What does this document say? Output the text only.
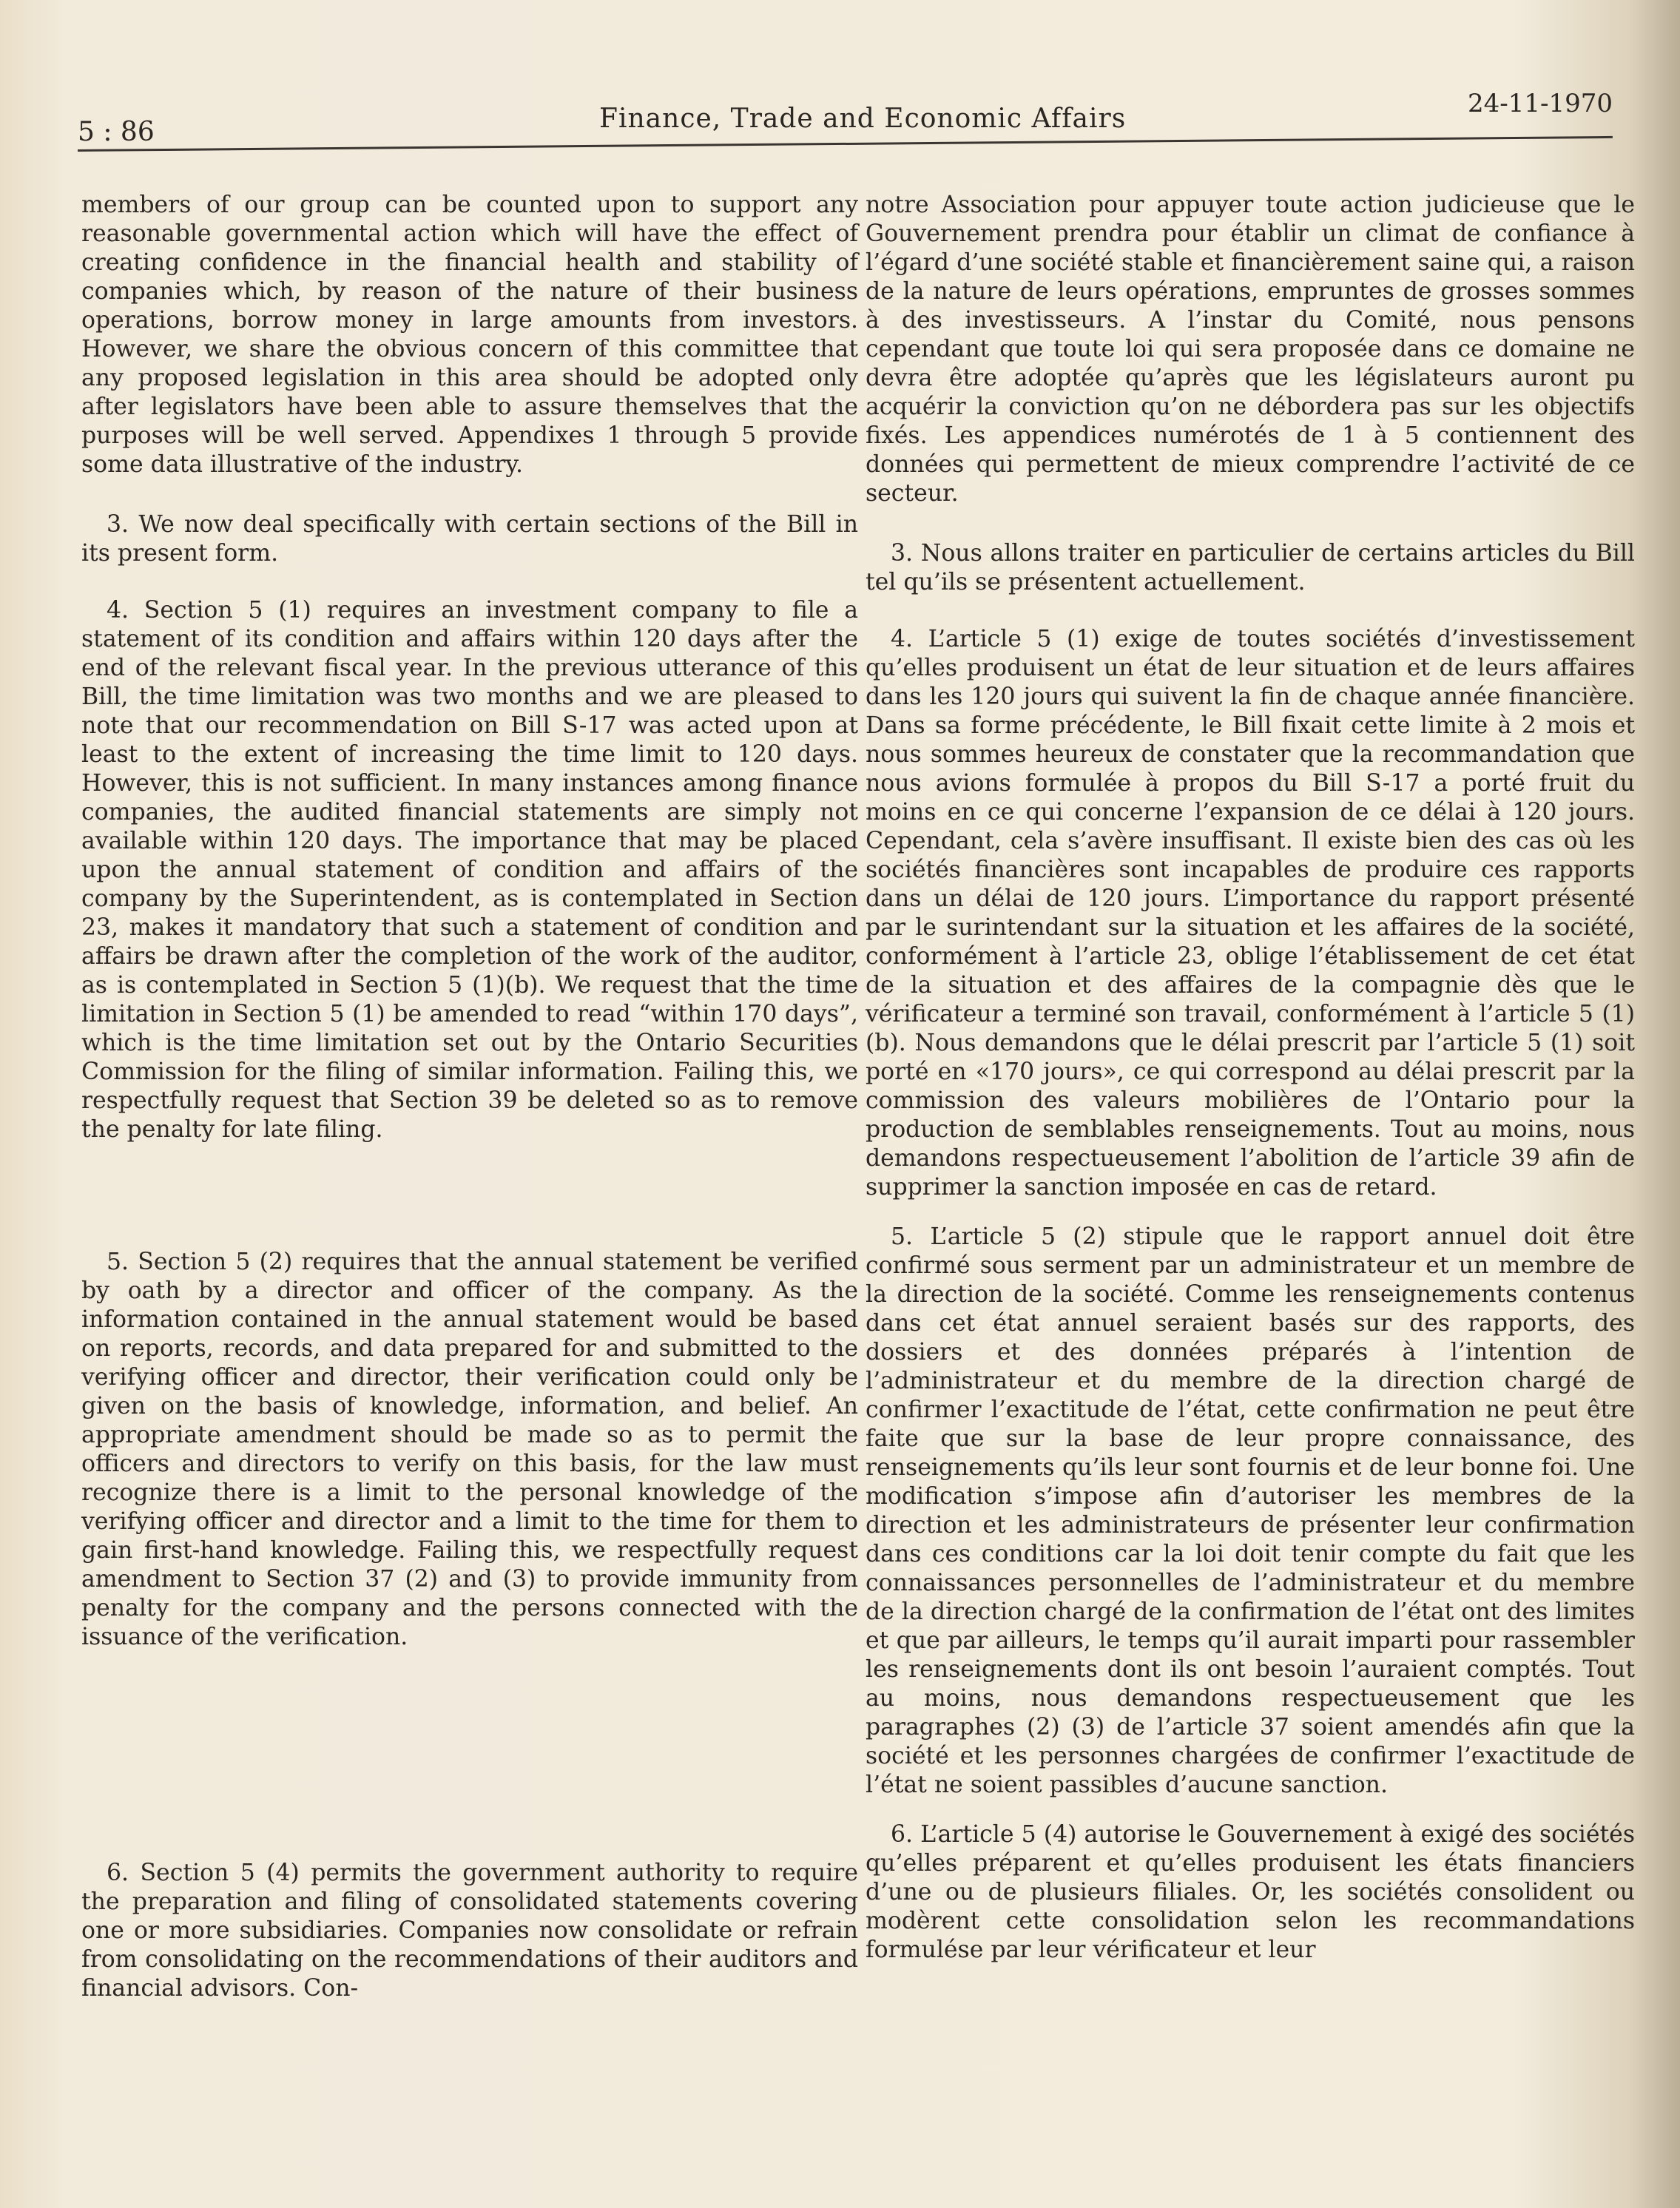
5 : 86	Finance, Trade and Economic Affairs	24-11-1970

members of our group can be counted upon to support any reasonable governmental action which will have the effect of creating confidence in the financial health and stability of companies which, by reason of the nature of their business operations, borrow money in large amounts from investors. However, we share the obvious concern of this committee that any proposed legislation in this area should be adopted only after legislators have been able to assure themselves that the purposes will be well served. Appendixes 1 through 5 provide some data illustrative of the industry.

3. We now deal specifically with certain sections of the Bill in its present form.

4. Section 5 (1) requires an investment company to file a statement of its condition and affairs within 120 days after the end of the relevant fiscal year. In the previous utterance of this Bill, the time limitation was two months and we are pleased to note that our recommendation on Bill S-17 was acted upon at least to the extent of increasing the time limit to 120 days. However, this is not sufficient. In many instances among finance companies, the audited financial statements are simply not available within 120 days. The importance that may be placed upon the annual statement of condition and affairs of the company by the Superintendent, as is contemplated in Section 23, makes it mandatory that such a statement of condition and affairs be drawn after the completion of the work of the auditor, as is contemplated in Section 5 (1)(b). We request that the time limitation in Section 5 (1) be amended to read “within 170 days”, which is the time limitation set out by the Ontario Securities Commission for the filing of similar information. Failing this, we respectfully request that Section 39 be deleted so as to remove the penalty for late filing.

5. Section 5 (2) requires that the annual statement be verified by oath by a director and officer of the company. As the information contained in the annual statement would be based on reports, records, and data prepared for and submitted to the verifying officer and director, their verification could only be given on the basis of knowledge, information, and belief. An appropriate amendment should be made so as to permit the officers and directors to verify on this basis, for the law must recognize there is a limit to the personal knowledge of the verifying officer and director and a limit to the time for them to gain first-hand knowledge. Failing this, we respectfully request amendment to Section 37 (2) and (3) to provide immunity from penalty for the company and the persons connected with the issuance of the verification.

6. Section 5 (4) permits the government authority to require the preparation and filing of consolidated statements covering one or more subsidiaries. Companies now consolidate or refrain from consolidating on the recommendations of their auditors and financial advisors. Con-

notre Association pour appuyer toute action judicieuse que le Gouvernement prendra pour établir un climat de confiance à l’égard d’une société stable et financièrement saine qui, a raison de la nature de leurs opérations, empruntes de grosses sommes à des investisseurs. A l’instar du Comité, nous pensons cependant que toute loi qui sera proposée dans ce domaine ne devra être adoptée qu’après que les législateurs auront pu acquérir la conviction qu’on ne débordera pas sur les objectifs fixés. Les appendices numérotés de 1 à 5 contiennent des données qui permettent de mieux comprendre l’activité de ce secteur.

3. Nous allons traiter en particulier de certains articles du Bill tel qu’ils se présentent actuellement.

4. L’article 5 (1) exige de toutes sociétés d’investissement qu’elles produisent un état de leur situation et de leurs affaires dans les 120 jours qui suivent la fin de chaque année financière. Dans sa forme précédente, le Bill fixait cette limite à 2 mois et nous sommes heureux de constater que la recommandation que nous avions formulée à propos du Bill S-17 a porté fruit du moins en ce qui concerne l’expansion de ce délai à 120 jours. Cependant, cela s’avère insuffisant. Il existe bien des cas où les sociétés financières sont incapables de produire ces rapports dans un délai de 120 jours. L’importance du rapport présenté par le surintendant sur la situation et les affaires de la société, conformément à l’article 23, oblige l’établissement de cet état de la situation et des affaires de la compagnie dès que le vérificateur a terminé son travail, conformément à l’article 5 (1) (b). Nous demandons que le délai prescrit par l’article 5 (1) soit porté en «170 jours», ce qui correspond au délai prescrit par la commission des valeurs mobilières de l’Ontario pour la production de semblables renseignements. Tout au moins, nous demandons respectueusement l’abolition de l’article 39 afin de supprimer la sanction imposée en cas de retard.

5. L’article 5 (2) stipule que le rapport annuel doit être confirmé sous serment par un administrateur et un membre de la direction de la société. Comme les renseignements contenus dans cet état annuel seraient basés sur des rapports, des dossiers et des données préparés à l’intention de l’administrateur et du membre de la direction chargé de confirmer l’exactitude de l’état, cette confirmation ne peut être faite que sur la base de leur propre connaissance, des renseignements qu’ils leur sont fournis et de leur bonne foi. Une modification s’impose afin d’autoriser les membres de la direction et les administrateurs de présenter leur confirmation dans ces conditions car la loi doit tenir compte du fait que les connaissances personnelles de l’administrateur et du membre de la direction chargé de la confirmation de l’état ont des limites et que par ailleurs, le temps qu’il aurait imparti pour rassembler les renseignements dont ils ont besoin l’auraient comptés. Tout au moins, nous demandons respectueusement que les paragraphes (2) (3) de l’article 37 soient amendés afin que la société et les personnes chargées de confirmer l’exactitude de l’état ne soient passibles d’aucune sanction.

6. L’article 5 (4) autorise le Gouvernement à exigé des sociétés qu’elles préparent et qu’elles produisent les états financiers d’une ou de plusieurs filiales. Or, les sociétés consolident ou modèrent cette consolidation selon les recommandations formulése par leur vérificateur et leur
